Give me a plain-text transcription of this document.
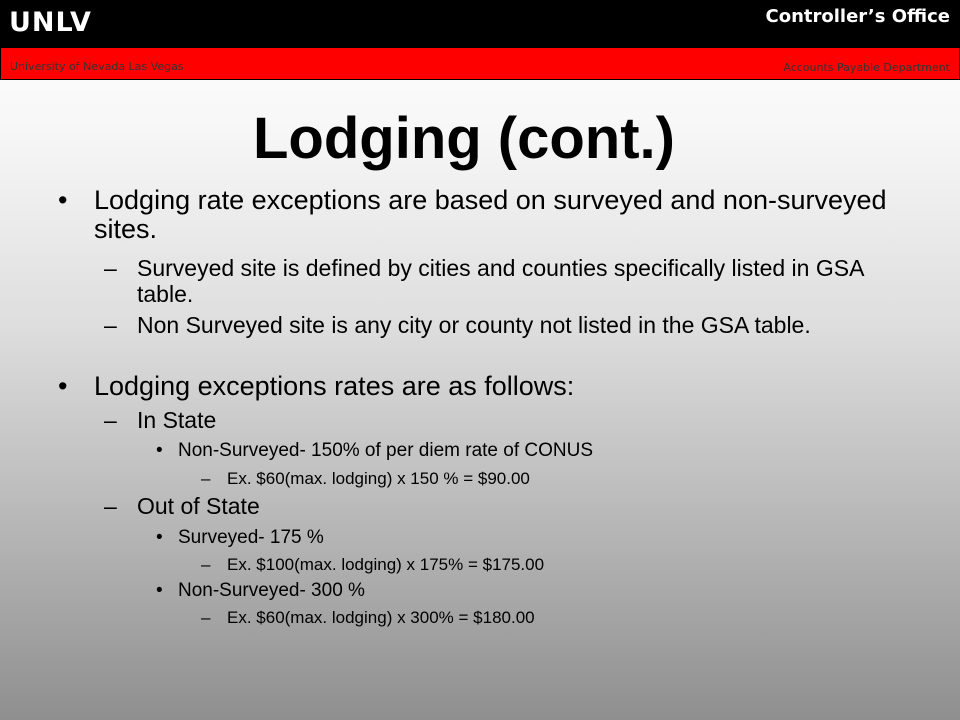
UNLV	Controller’s Office
University of Nevada Las Vegas	Accounts Payable Department
Lodging (cont.)
• Lodging rate exceptions are based on surveyed and non-surveyed sites.
– Surveyed site is defined by cities and counties specifically listed in GSA table.
– Non Surveyed site is any city or county not listed in the GSA table.
• Lodging exceptions rates are as follows:
– In State
• Non-Surveyed- 150% of per diem rate of CONUS
– Ex. $60(max. lodging) x 150 % = $90.00
– Out of State
• Surveyed- 175 %
– Ex. $100(max. lodging) x 175% = $175.00
• Non-Surveyed- 300 %
– Ex. $60(max. lodging) x 300% = $180.00
